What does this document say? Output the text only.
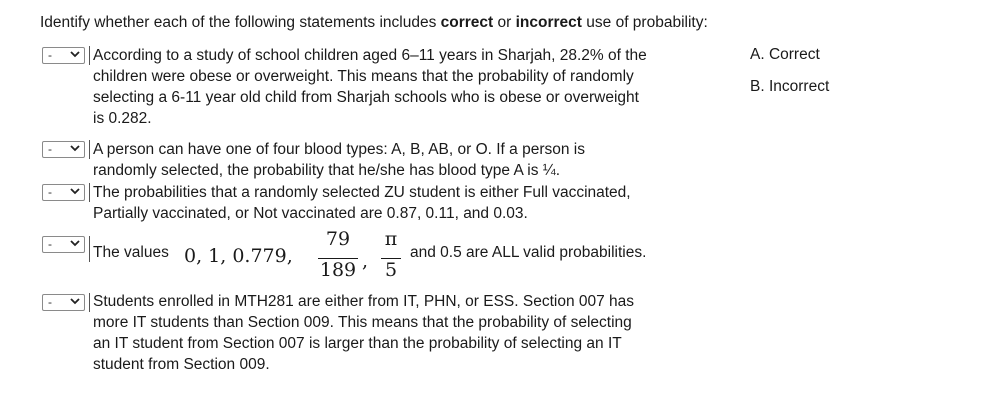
Identify whether each of the following statements includes correct or incorrect use of probability:
-	According to a study of school children aged 6–11 years in Sharjah, 28.2% of the
children were obese or overweight. This means that the probability of randomly
selecting a 6-11 year old child from Sharjah schools who is obese or overweight
is 0.282.
A. Correct
B. Incorrect
-	A person can have one of four blood types: A, B, AB, or O. If a person is
randomly selected, the probability that he/she has blood type A is ¼.
-	The probabilities that a randomly selected ZU student is either Full vaccinated,
Partially vaccinated, or Not vaccinated are 0.87, 0.11, and 0.03.
-	The values 0, 1, 0.779,
79
189 ,
π
5
and 0.5 are ALL valid probabilities.
-	Students enrolled in MTH281 are either from IT, PHN, or ESS. Section 007 has
more IT students than Section 009. This means that the probability of selecting
an IT student from Section 007 is larger than the probability of selecting an IT
student from Section 009.
